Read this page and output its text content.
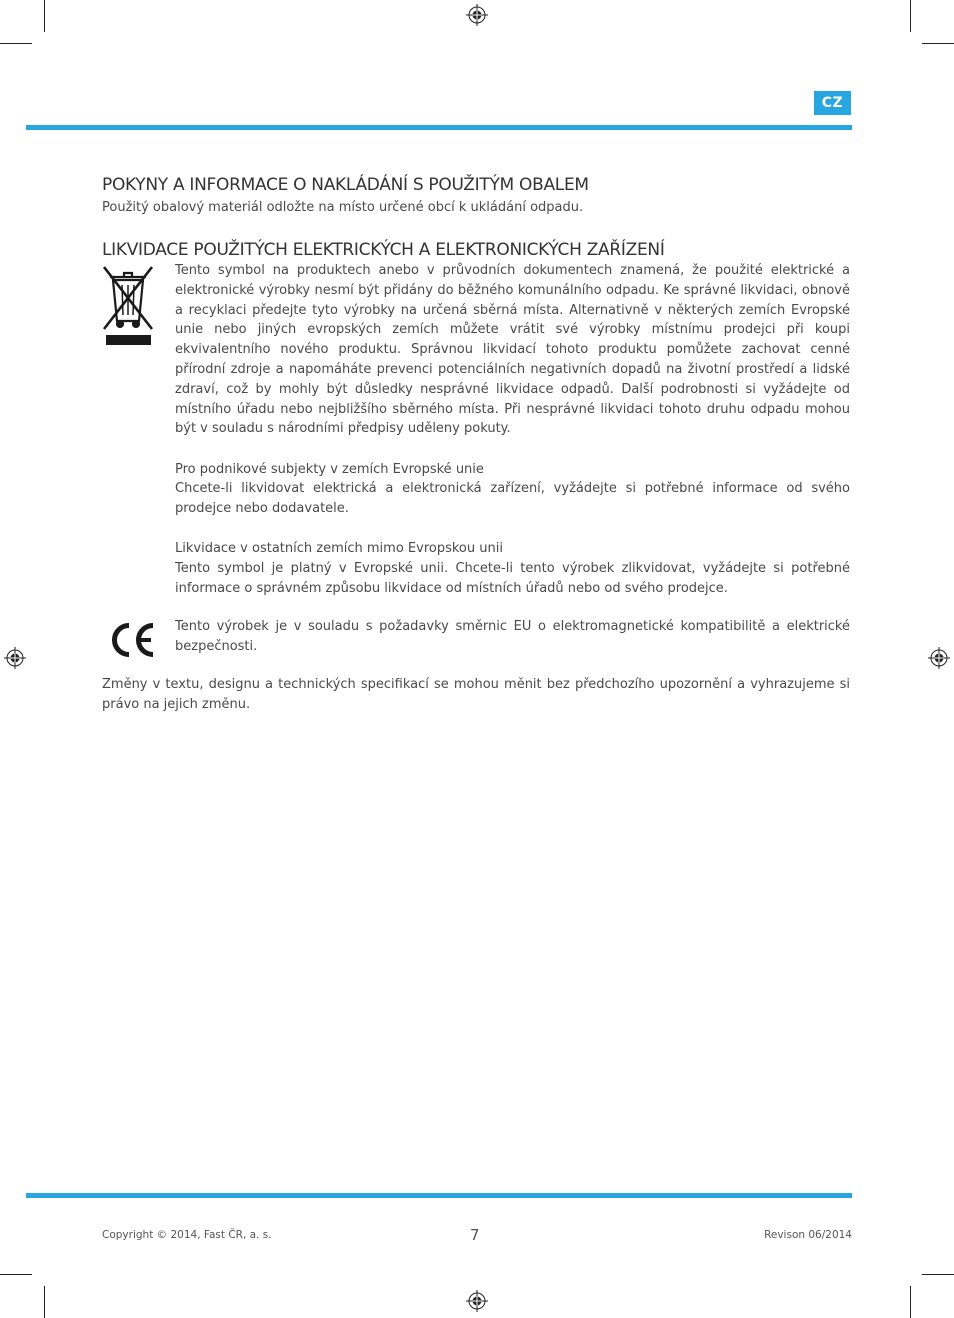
CZ
POKYNY A INFORMACE O NAKLÁDÁNÍ S POUŽITÝM OBALEM

Použitý obalový materiál odložte na místo určené obcí k ukládání odpadu.

LIKVIDACE POUŽITÝCH ELEKTRICKÝCH A ELEKTRONICKÝCH ZAŘÍZENÍ

Tento symbol na produktech anebo v průvodních dokumentech znamená, že použité elektrické a elektronické výrobky nesmí být přidány do běžného komunálního odpadu. Ke správné likvidaci, obnově a recyklaci předejte tyto výrobky na určená sběrná místa. Alternativně v některých zemích Evropské unie nebo jiných evropských zemích můžete vrátit své výrobky místnímu prodejci při koupi ekvivalentního nového produktu. Správnou likvidací tohoto produktu pomůžete zachovat cenné přírodní zdroje a napomáháte prevenci potenciálních negativních dopadů na životní prostředí a lidské zdraví, což by mohly být důsledky nesprávné likvidace odpadů. Další podrobnosti si vyžádejte od místního úřadu nebo nejbližšího sběrného místa. Při nesprávné likvidaci tohoto druhu odpadu mohou být v souladu s národními předpisy uděleny pokuty.

Pro podnikové subjekty v zemích Evropské unie

Chcete-li likvidovat elektrická a elektronická zařízení, vyžádejte si potřebné informace od svého prodejce nebo dodavatele.

Likvidace v ostatních zemích mimo Evropskou unii

Tento symbol je platný v Evropské unii. Chcete-li tento výrobek zlikvidovat, vyžádejte si potřebné informace o správném způsobu likvidace od místních úřadů nebo od svého prodejce.

Tento výrobek je v souladu s požadavky směrnic EU o elektromagnetické kompatibilitě a elektrické bezpečnosti.

Změny v textu, designu a technických specifikací se mohou měnit bez předchozího upozornění a vyhrazujeme si právo na jejich změnu.

Copyright © 2014, Fast ČR, a. s.	7	Revison 06/2014
